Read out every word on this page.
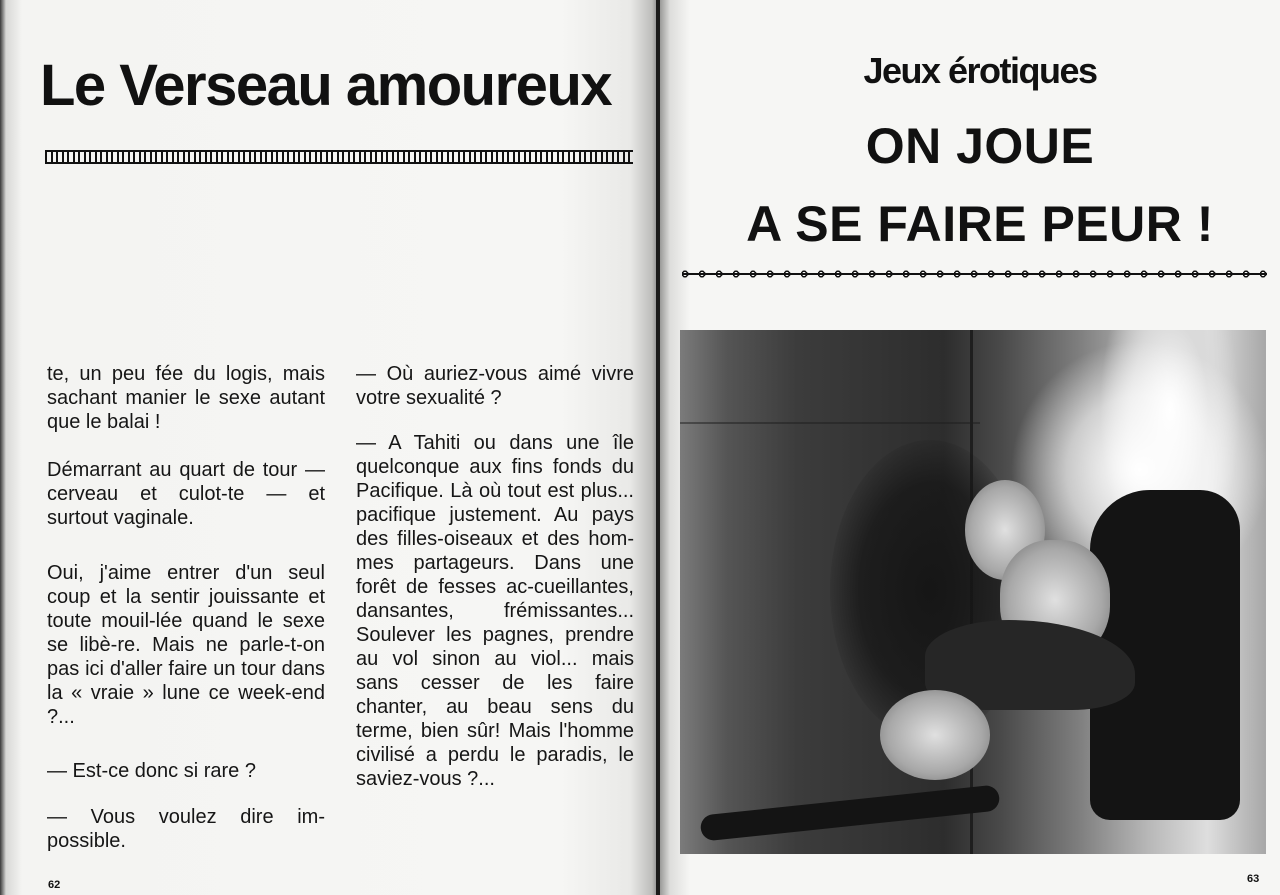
Le Verseau amoureux

te, un peu fée du logis, mais sachant manier le sexe autant que le balai !

Démarrant au quart de tour — cerveau et culot-te — et surtout vaginale.

Oui, j'aime entrer d'un seul coup et la sentir jouissante et toute mouil-lée quand le sexe se libè-re. Mais ne parle-t-on pas ici d'aller faire un tour dans la « vraie » lune ce week-end ?...

— Est-ce donc si rare ?

— Vous voulez dire im-possible.

— Où auriez-vous aimé vivre votre sexualité ?

— A Tahiti ou dans une île quelconque aux fins fonds du Pacifique. Là où tout est plus... pacifique justement. Au pays des filles-oiseaux et des hom-mes partageurs. Dans une forêt de fesses ac-cueillantes, dansantes, frémissantes... Soulever les pagnes, prendre au vol sinon au viol... mais sans cesser de les faire chanter, au beau sens du terme, bien sûr! Mais l'homme civilisé a perdu le paradis, le saviez-vous ?...

62
Jeux érotiques
ON JOUE
A SE FAIRE PEUR !
63
